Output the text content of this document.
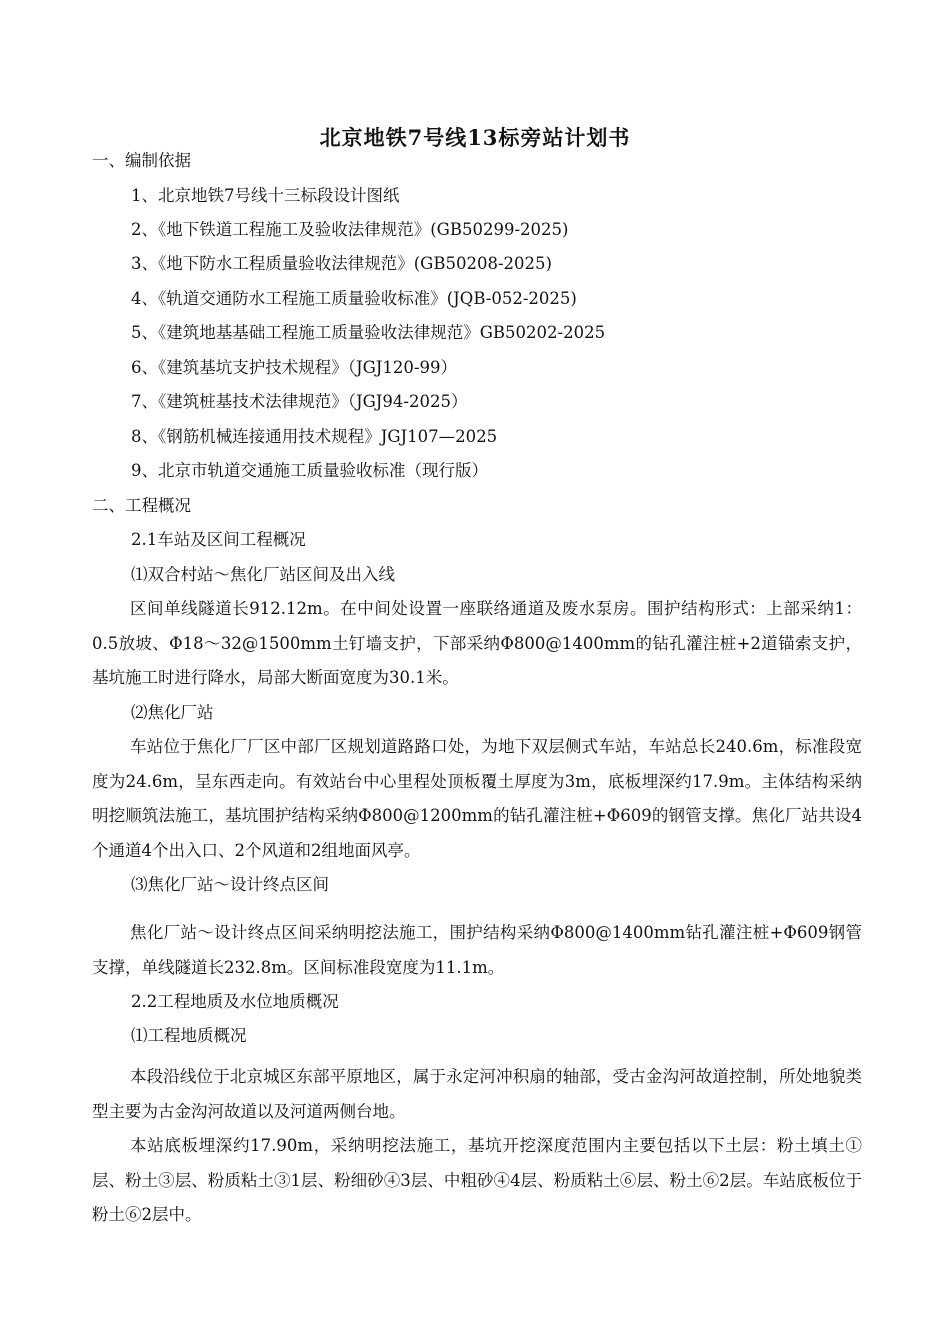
北京地铁7号线13标旁站计划书
一、编制依据
1、北京地铁7号线十三标段设计图纸
2、《地下铁道工程施工及验收法律规范》(GB50299-2025)
3、《地下防水工程质量验收法律规范》(GB50208-2025)
4、《轨道交通防水工程施工质量验收标准》(JQB-052-2025)
5、《建筑地基基础工程施工质量验收法律规范》GB50202-2025
6、《建筑基坑支护技术规程》（JGJ120-99）
7、《建筑桩基技术法律规范》（JGJ94-2025）
8、《钢筋机械连接通用技术规程》JGJ107—2025
9、北京市轨道交通施工质量验收标准（现行版）
二、工程概况
2.1车站及区间工程概况
⑴双合村站～焦化厂站区间及出入线
区间单线隧道长912.12m。在中间处设置一座联络通道及废水泵房。围护结构形式：上部采纳1：0.5放坡、Φ18～32@1500mm土钉墙支护，下部采纳Φ800@1400mm的钻孔灌注桩+2道锚索支护，基坑施工时进行降水，局部大断面宽度为30.1米。
⑵焦化厂站
车站位于焦化厂厂区中部厂区规划道路路口处，为地下双层侧式车站，车站总长240.6m，标准段宽度为24.6m，呈东西走向。有效站台中心里程处顶板覆土厚度为3m，底板埋深约17.9m。主体结构采纳明挖顺筑法施工，基坑围护结构采纳Φ800@1200mm的钻孔灌注桩+Φ609的钢管支撑。焦化厂站共设4个通道4个出入口、2个风道和2组地面风亭。
⑶焦化厂站～设计终点区间
焦化厂站～设计终点区间采纳明挖法施工，围护结构采纳Φ800@1400mm钻孔灌注桩+Φ609钢管支撑，单线隧道长232.8m。区间标准段宽度为11.1m。
2.2工程地质及水位地质概况
⑴工程地质概况
本段沿线位于北京城区东部平原地区，属于永定河冲积扇的轴部，受古金沟河故道控制，所处地貌类型主要为古金沟河故道以及河道两侧台地。
本站底板埋深约17.90m，采纳明挖法施工，基坑开挖深度范围内主要包括以下土层：粉土填土①层、粉土③层、粉质粘土③1层、粉细砂④3层、中粗砂④4层、粉质粘土⑥层、粉土⑥2层。车站底板位于粉土⑥2层中。
